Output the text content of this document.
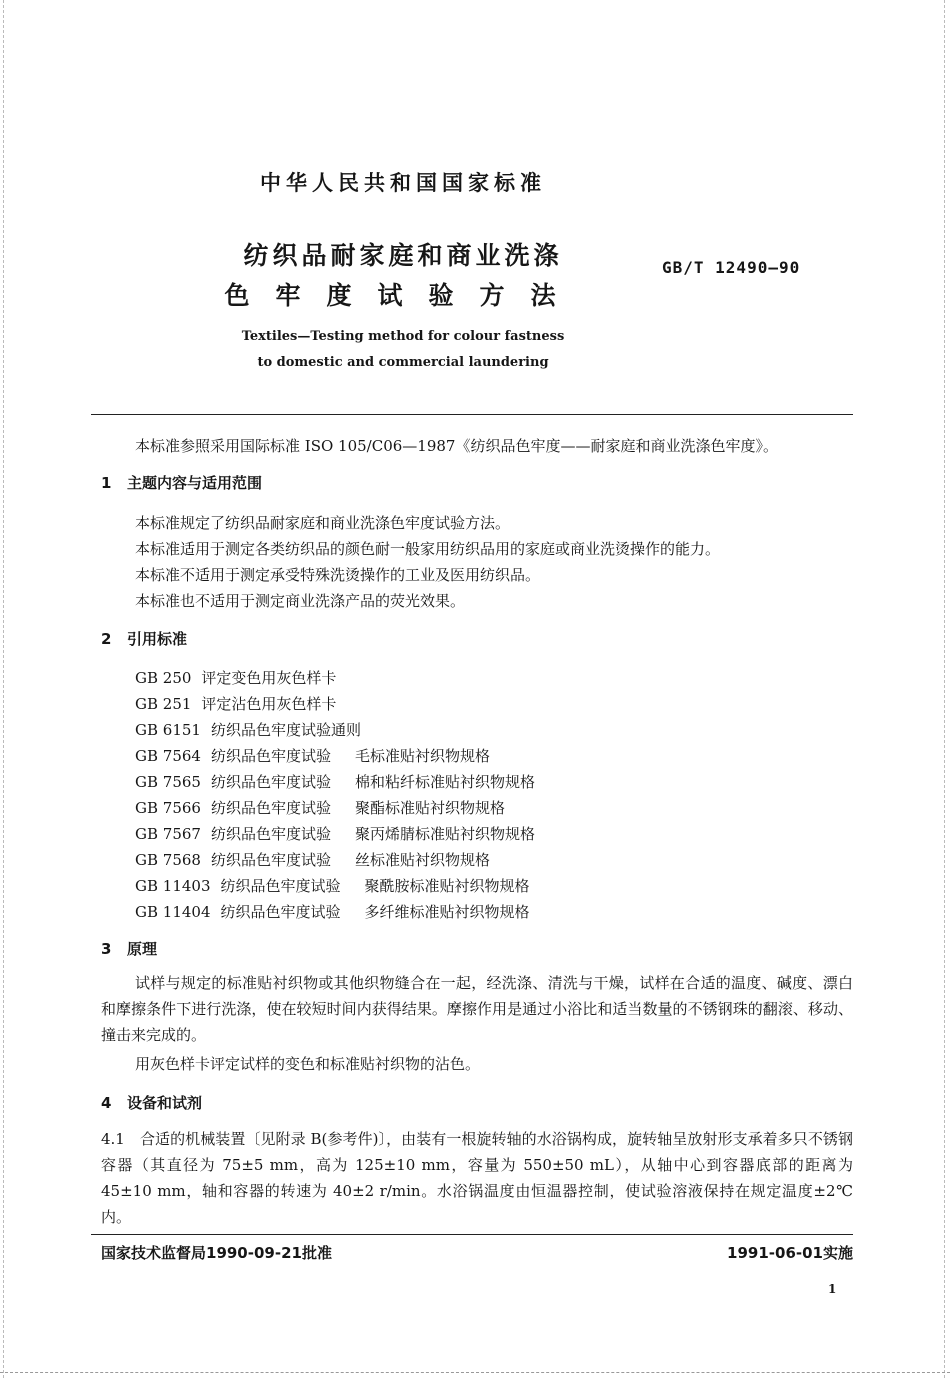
中华人民共和国国家标准
纺织品耐家庭和商业洗涤
色牢度试验方法
GB/T 12490—90
Textiles—Testing method for colour fastness
to domestic and commercial laundering
本标准参照采用国际标准 ISO 105/C06—1987《纺织品色牢度——耐家庭和商业洗涤色牢度》。
1 主题内容与适用范围
本标准规定了纺织品耐家庭和商业洗涤色牢度试验方法。
本标准适用于测定各类纺织品的颜色耐一般家用纺织品用的家庭或商业洗烫操作的能力。
本标准不适用于测定承受特殊洗烫操作的工业及医用纺织品。
本标准也不适用于测定商业洗涤产品的荧光效果。
2 引用标准
GB 250 评定变色用灰色样卡
GB 251 评定沾色用灰色样卡
GB 6151 纺织品色牢度试验通则
GB 7564 纺织品色牢度试验 毛标准贴衬织物规格
GB 7565 纺织品色牢度试验 棉和粘纤标准贴衬织物规格
GB 7566 纺织品色牢度试验 聚酯标准贴衬织物规格
GB 7567 纺织品色牢度试验 聚丙烯腈标准贴衬织物规格
GB 7568 纺织品色牢度试验 丝标准贴衬织物规格
GB 11403 纺织品色牢度试验 聚酰胺标准贴衬织物规格
GB 11404 纺织品色牢度试验 多纤维标准贴衬织物规格
3 原理
试样与规定的标准贴衬织物或其他织物缝合在一起，经洗涤、清洗与干燥，试样在合适的温度、碱度、漂白和摩擦条件下进行洗涤，使在较短时间内获得结果。摩擦作用是通过小浴比和适当数量的不锈钢珠的翻滚、移动、撞击来完成的。
用灰色样卡评定试样的变色和标准贴衬织物的沾色。
4 设备和试剂
4.1　合适的机械装置〔见附录 B(参考件)〕，由装有一根旋转轴的水浴锅构成，旋转轴呈放射形支承着多只不锈钢容器（其直径为 75±5 mm，高为 125±10 mm，容量为 550±50 mL），从轴中心到容器底部的距离为 45±10 mm，轴和容器的转速为 40±2 r/min。水浴锅温度由恒温器控制，使试验溶液保持在规定温度±2℃内。
国家技术监督局1990-09-21批准	1991-06-01实施
1
